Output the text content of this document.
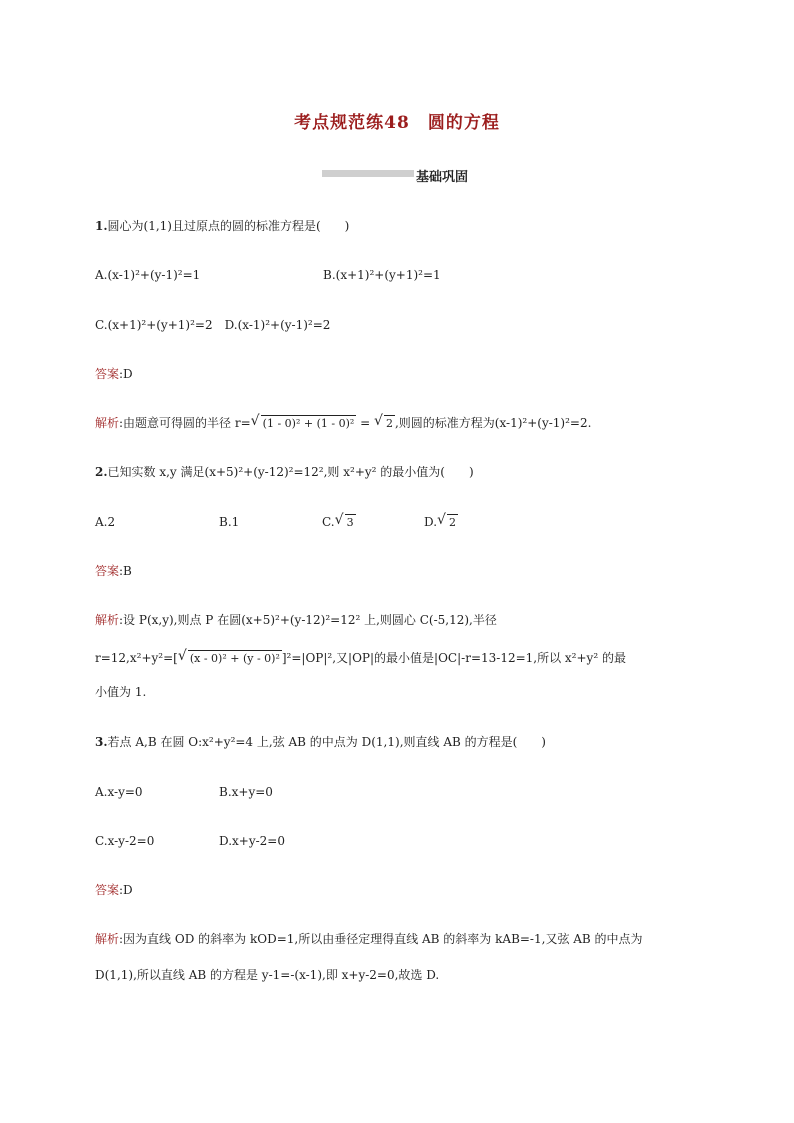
考点规范练48　圆的方程
基础巩固
1.圆心为(1,1)且过原点的圆的标准方程是(　　)
A.(x-1)²+(y-1)²=1	B.(x+1)²+(y+1)²=1
C.(x+1)²+(y+1)²=2　D.(x-1)²+(y-1)²=2
答案:D
解析:由题意可得圆的半径 r= √ (1 - 0)² + (1 - 0)² = √ 2 ,则圆的标准方程为(x-1)²+(y-1)²=2.
2.已知实数 x,y 满足(x+5)²+(y-12)²=12²,则 x²+y² 的最小值为(　　)
A.2	B.1	C. √ 3	D. √ 2
答案:B
解析:设 P(x,y),则点 P 在圆(x+5)²+(y-12)²=12² 上,则圆心 C(-5,12),半径
r=12,x²+y²=[ √ (x - 0)² + (y - 0)² ]²=|OP|²,又|OP|的最小值是|OC|-r=13-12=1,所以 x²+y² 的最
小值为 1.
3.若点 A,B 在圆 O:x²+y²=4 上,弦 AB 的中点为 D(1,1),则直线 AB 的方程是(　　)
A.x-y=0	B.x+y=0
C.x-y-2=0	D.x+y-2=0
答案:D
解析:因为直线 OD 的斜率为 kOD=1,所以由垂径定理得直线 AB 的斜率为 kAB=-1,又弦 AB 的中点为
D(1,1),所以直线 AB 的方程是 y-1=-(x-1),即 x+y-2=0,故选 D.
